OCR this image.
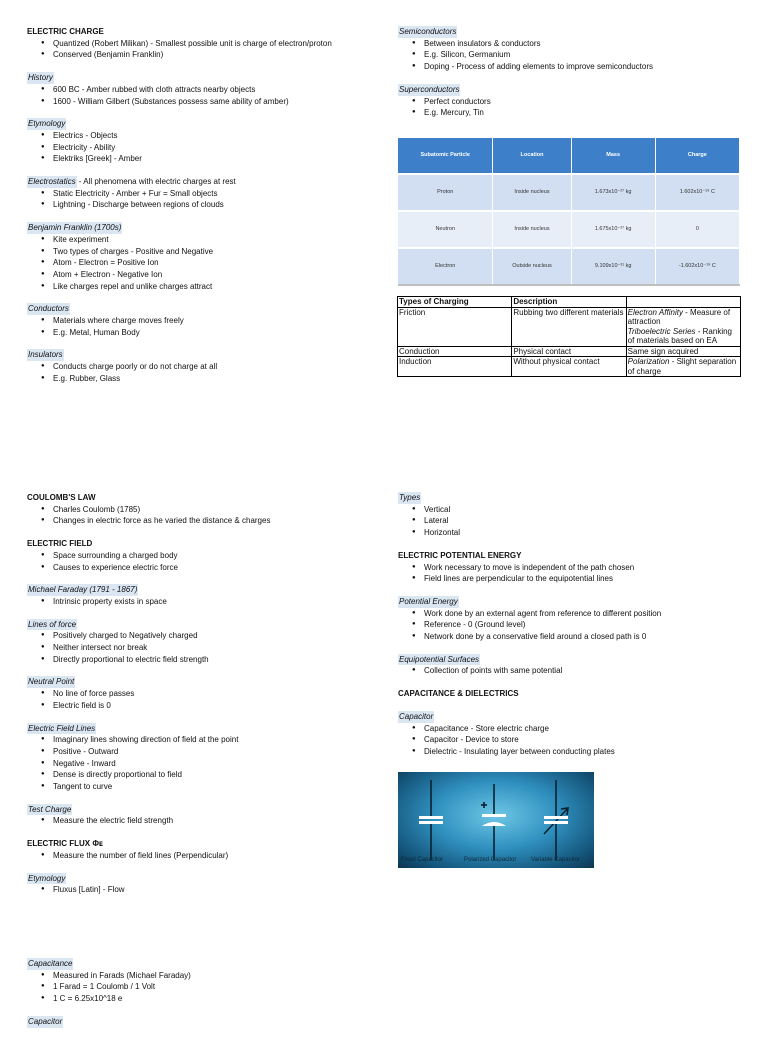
ELECTRIC CHARGE
● Quantized (Robert Milikan) - Smallest possible unit is charge of electron/proton
● Conserved (Benjamin Franklin)
History
● 600 BC - Amber rubbed with cloth attracts nearby objects
● 1600 - William Gilbert (Substances possess same ability of amber)
Etymology
● Electrics - Objects
● Electricity - Ability
● Elektriks [Greek] - Amber
Electrostatics - All phenomena with electric charges at rest
● Static Electricity - Amber + Fur = Small objects
● Lightning - Discharge between regions of clouds
Benjamin Franklin (1700s)
● Kite experiment
● Two types of charges - Positive and Negative
● Atom - Electron = Positive Ion
● Atom + Electron - Negative Ion
● Like charges repel and unlike charges attract
Conductors
● Materials where charge moves freely
● E.g. Metal, Human Body
Insulators
● Conducts charge poorly or do not charge at all
● E.g. Rubber, Glass
Semiconductors
● Between insulators & conductors
● E.g. Silicon, Germanium
● Doping - Process of adding elements to improve semiconductors
Superconductors
● Perfect conductors
● E.g. Mercury, Tin
Subatomic Particle	Location	Mass	Charge
Proton	Inside nucleus	1.673x10⁻²⁷ kg	1.602x10⁻¹⁹ C
Neutron	Inside nucleus	1.675x10⁻²⁷ kg	0
Electron	Outside nucleus	9.109x10⁻³¹ kg	-1.602x10⁻¹⁹ C
Types of Charging	Description	
Friction	Rubbing two different materials	Electron Affinity - Measure of attraction
Triboelectric Series - Ranking of materials based on EA
Conduction	Physical contact	Same sign acquired
Induction	Without physical contact	Polarization - Slight separation of charge
COULOMB'S LAW
● Charles Coulomb (1785)
● Changes in electric force as he varied the distance & charges
ELECTRIC FIELD
● Space surrounding a charged body
● Causes to experience electric force
Michael Faraday (1791 - 1867)
● Intrinsic property exists in space
Lines of force
● Positively charged to Negatively charged
● Neither intersect nor break
● Directly proportional to electric field strength
Neutral Point
● No line of force passes
● Electric field is 0
Electric Field Lines
● Imaginary lines showing direction of field at the point
● Positive - Outward
● Negative - Inward
● Dense is directly proportional to field
● Tangent to curve
Test Charge
● Measure the electric field strength
ELECTRIC FLUX Φᴇ
● Measure the number of field lines (Perpendicular)
Etymology
● Fluxus [Latin] - Flow
Types
● Vertical
● Lateral
● Horizontal
ELECTRIC POTENTIAL ENERGY
● Work necessary to move is independent of the path chosen
● Field lines are perpendicular to the equipotential lines
Potential Energy
● Work done by an external agent from reference to different position
● Reference - 0 (Ground level)
● Network done by a conservative field around a closed path is 0
Equipotential Surfaces
● Collection of points with same potential
CAPACITANCE & DIELECTRICS
Capacitor
● Capacitance - Store electric charge
● Capacitor - Device to store
● Dielectric - Insulating layer between conducting plates
Fixed Capacitor	Polarized Capacitor Variable Capacitor
Capacitance
● Measured in Farads (Michael Faraday)
● 1 Farad = 1 Coulomb / 1 Volt
● 1 C = 6.25x10^18 e
Capacitor
